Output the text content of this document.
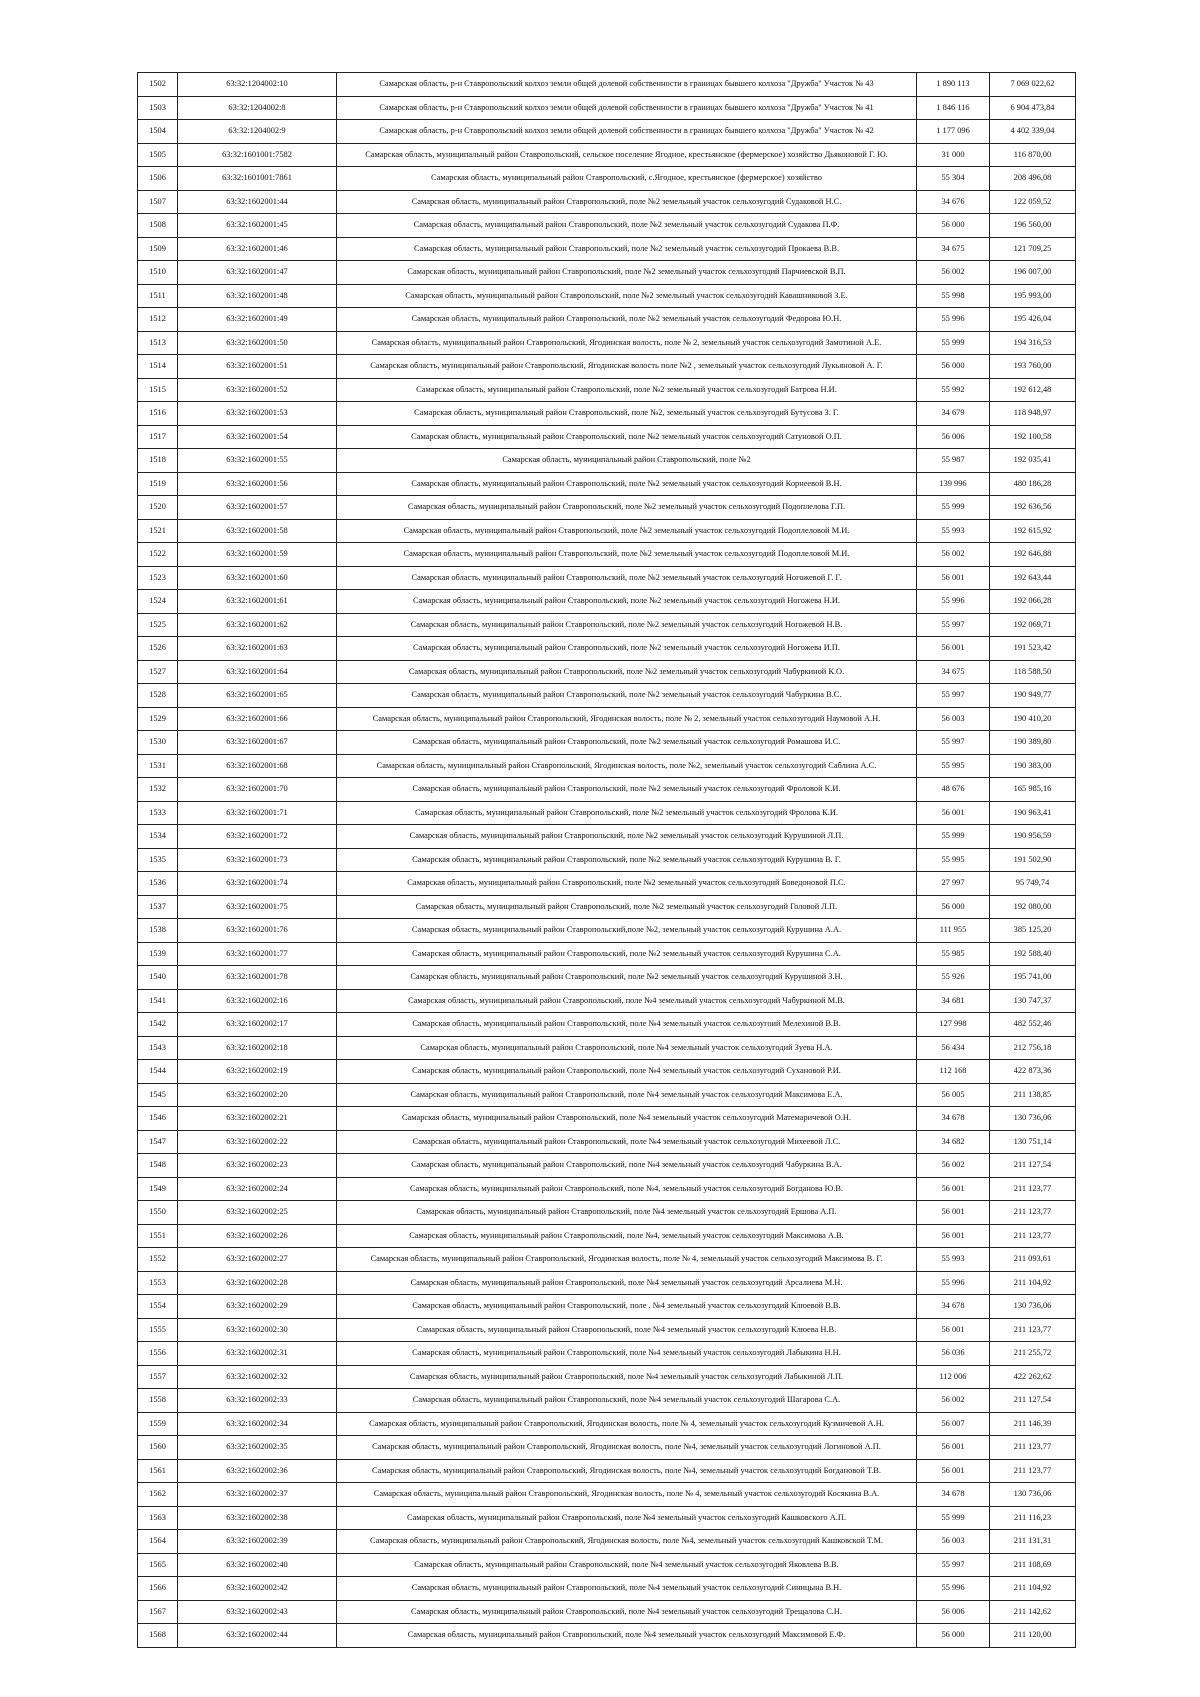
1502	63:32:1204002:10	Самарская область, р-н Ставропольский колхоз земли общей долевой собственности в границах бывшего колхоза "Дружба" Участок № 43	1 890 113	7 069 022,62
1503	63:32:1204002:8	Самарская область, р-н Ставропольский колхоз земли общей долевой собственности в границах бывшего колхоза "Дружба" Участок № 41	1 846 116	6 904 473,84
1504	63:32:1204002:9	Самарская область, р-н Ставропольский колхоз земли общей долевой собственности в границах бывшего колхоза "Дружба" Участок № 42	1 177 096	4 402 339,04
1505	63:32:1601001:7582	Самарская область, муниципальный район Ставропольский, сельское поселение Ягодное, крестьянское (фермерское) хозяйство Дьяконовой Г. Ю.	31 000	116 870,00
1506	63:32:1601001:7861	Самарская область, муниципальный район Ставропольский, с.Ягодное, крестьянское (фермерское) хозяйство	55 304	208 496,08
1507	63:32:1602001:44	Самарская область, муниципальный район Ставропольский, поле №2 земельный участок сельхозугодий Судаковой Н.С.	34 676	122 059,52
1508	63:32:1602001:45	Самарская область, муниципальный район Ставропольский, поле №2 земельный участок сельхозугодий Судакова П.Ф.	56 000	196 560,00
1509	63:32:1602001:46	Самарская область, муниципальный район Ставропольский, поле №2 земельный участок сельхозугодий Прокаева В.В.	34 675	121 709,25
1510	63:32:1602001:47	Самарская область, муниципальный район Ставропольский, поле №2 земельный участок сельхозугодий Парчиевской В.П.	56 002	196 007,00
1511	63:32:1602001:48	Самарская область, муниципальный район Ставропольский, поле №2 земельный участок сельхозугодий Кавашниковой З.Е.	55 998	195 993,00
1512	63:32:1602001:49	Самарская область, муниципальный район Ставропольский, поле №2 земельный участок сельхозугодий Федорова Ю.Н.	55 996	195 426,04
1513	63:32:1602001:50	Самарская область, муниципальный район Ставропольский, Ягодинская волость, поле № 2, земельный участок сельхозугодий Замотиной А.Е.	55 999	194 316,53
1514	63:32:1602001:51	Самарская область, муниципальный район Ставропольский, Ягодинская волость поле №2 , земельный участок сельхозугодий Лукьяновой А. Г.	56 000	193 760,00
1515	63:32:1602001:52	Самарская область, муниципальный район Ставропольский, поле №2 земельный участок сельхозугодий Батрова Н.И.	55 992	192 612,48
1516	63:32:1602001:53	Самарская область, муниципальный район Ставропольский, поле №2, земельный участок сельхозугодий Бутусова З. Г.	34 679	118 948,97
1517	63:32:1602001:54	Самарская область, муниципальный район Ставропольский, поле №2 земельный участок сельхозугодий Сатуновой О.П.	56 006	192 100,58
1518	63:32:1602001:55	Самарская область, муниципальный район Ставропольский, поле №2	55 987	192 035,41
1519	63:32:1602001:56	Самарская область, муниципальный район Ставропольский, поле №2 земельный участок сельхозугодий Корнеевой В.Н.	139 996	480 186,28
1520	63:32:1602001:57	Самарская область, муниципальный район Ставропольский, поле №2 земельный участок сельхозугодий Подоплелова Г.П.	55 999	192 636,56
1521	63:32:1602001:58	Самарская область, муниципальный район Ставропольский, поле №2 земельный участок сельхозугодий Подоплеловой М.И.	55 993	192 615,92
1522	63:32:1602001:59	Самарская область, муниципальный район Ставропольский, поле №2 земельный участок сельхозугодий Подоплеловой М.И.	56 002	192 646,88
1523	63:32:1602001:60	Самарская область, муниципальный район Ставропольский, поле №2 земельный участок сельхозугодий Ногожевой Г. Г.	56 001	192 643,44
1524	63:32:1602001:61	Самарская область, муниципальный район Ставропольский, поле №2 земельный участок сельхозугодий Ногожева Н.И.	55 996	192 066,28
1525	63:32:1602001:62	Самарская область, муниципальный район Ставропольский, поле №2 земельный участок сельхозугодий Ногожевой Н.В.	55 997	192 069,71
1526	63:32:1602001:63	Самарская область, муниципальный район Ставропольский, поле №2 земельный участок сельхозугодий Ногожева И.П.	56 001	191 523,42
1527	63:32:1602001:64	Самарская область, муниципальный район Ставропольский, поле №2 земельный участок сельхозугодий Чабуркиной К.О.	34 675	118 588,50
1528	63:32:1602001:65	Самарская область, муниципальный район Ставропольский, поле №2 земельный участок сельхозугодий Чабуркина В.С.	55 997	190 949,77
1529	63:32:1602001:66	Самарская область, муниципальный район Ставропольский, Ягодинская волость, поле № 2, земельный участок сельхозугодий Наумовой А.Н.	56 003	190 410,20
1530	63:32:1602001:67	Самарская область, муниципальный район Ставропольский, поле №2 земельный участок сельхозугодий Ромашова И.С.	55 997	190 389,80
1531	63:32:1602001:68	Самарская область, муниципальный район Ставропольский, Ягодинская волость, поле №2, земельный участок сельхозугодий Саблина А.С.	55 995	190 383,00
1532	63:32:1602001:70	Самарская область, муниципальный район Ставропольский, поле №2 земельный участок сельхозугодий Фроловой К.И.	48 676	165 985,16
1533	63:32:1602001:71	Самарская область, муниципальный район Ставропольский, поле №2 земельный участок сельхозугодий Фролова К.И.	56 001	190 963,41
1534	63:32:1602001:72	Самарская область, муниципальный район Ставропольский, поле №2 земельный участок сельхозугодий Курушиной Л.П.	55 999	190 956,59
1535	63:32:1602001:73	Самарская область, муниципальный район Ставропольский, поле №2 земельный участок сельхозугодий Курушина В. Г.	55 995	191 502,90
1536	63:32:1602001:74	Самарская область, муниципальный район Ставропольский, поле №2 земельный участок сельхозугодий Боведоновой П.С.	27 997	95 749,74
1537	63:32:1602001:75	Самарская область, муниципальный район Ставропольский, поле №2 земельный участок сельхозугодий Головой Л.П.	56 000	192 080,00
1538	63:32:1602001:76	Самарская область, муниципальный район Ставропольский,поле №2, земельный участок сельхозугодий Курушина А.А.	111 955	385 125,20
1539	63:32:1602001:77	Самарская область, муниципальный район Ставропольский, поле №2 земельный участок сельхозугодий Курушина С.А.	55 985	192 588,40
1540	63:32:1602001:78	Самарская область, муниципальный район Ставропольский, поле №2 земельный участок сельхозугодий Курушиной З.Н.	55 926	195 741,00
1541	63:32:1602002:16	Самарская область, муниципальный район Ставропольский, поле №4 земельный участок сельхозугодий Чабуркиной М.В.	34 681	130 747,37
1542	63:32:1602002:17	Самарская область, муниципальный район Ставропольский, поле №4 земельный участок сельхозугоий Мелехиной В.В.	127 998	482 552,46
1543	63:32:1602002:18	Самарская область, муниципальный район Ставропольский, поле №4 земельный участок сельхозугодий Зуева Н.А.	56 434	212 756,18
1544	63:32:1602002:19	Самарская область, муниципальный район Ставропольский, поле №4 земельный участок сельхозугодий Сухановой Р.И.	112 168	422 873,36
1545	63:32:1602002:20	Самарская область, муниципальный район Ставропольский, поле №4 земельный участок сельхозугодий Максимова Е.А.	56 005	211 138,85
1546	63:32:1602002:21	Самарская область, муниципальный район Ставропольский, поле №4 земельный участок сельхозугодий Матемаричевой О.Н.	34 678	130 736,06
1547	63:32:1602002:22	Самарская область, муниципальный район Ставропольский, поле №4 земельный участок сельхозугодий Михеевой Л.С.	34 682	130 751,14
1548	63:32:1602002:23	Самарская область, муниципальный район Ставропольский, поле №4 земельный участок сельхозугодий Чабуркина В.А.	56 002	211 127,54
1549	63:32:1602002:24	Самарская область, муниципальный район Ставропольский, поле №4, земельный участок сельхозугодий Богданова Ю.В.	56 001	211 123,77
1550	63:32:1602002:25	Самарская область, муниципальный район Ставропольский, поле №4 земельный участок сельхозугодий Ершова А.П.	56 001	211 123,77
1551	63:32:1602002:26	Самарская область, муниципальный район Ставропольский, поле №4, земельный участок сельхозугодий Максимова А.В.	56 001	211 123,77
1552	63:32:1602002:27	Самарская область, муниципальный район Ставропольский, Ягодинская волость, поле № 4, земельный участок сельхозугодий Максимова В. Г.	55 993	211 093,61
1553	63:32:1602002:28	Самарская область, муниципальный район Ставропольский, поле №4 земельный участок сельхозугодий Арсалиева М.Н.	55 996	211 104,92
1554	63:32:1602002:29	Самарская область, муниципальный район Ставропольский, поле . №4 земельный участок сельхозугодий Клюевой В.В.	34 678	130 736,06
1555	63:32:1602002:30	Самарская область, муниципальный район Ставропольский, поле №4 земельный участок сельхозугодий Клюева Н.В.	56 001	211 123,77
1556	63:32:1602002:31	Самарская область, муниципальный район Ставропольский, поле №4 земельный участок сельхозугодий Лабыкина Н.Н.	56 036	211 255,72
1557	63:32:1602002:32	Самарская область, муниципальный район Ставропольский, поле №4 земельный участок сельхозугодий Лабыкиной Л.П.	112 006	422 262,62
1558	63:32:1602002:33	Самарская область, муниципальный район Ставропольский, поле №4 земельный участок сельхозугодий Шагарова С.А.	56 002	211 127,54
1559	63:32:1602002:34	Самарская область, муниципальный район Ставропольский, Ягодинская волость, поле № 4, земельный участок сельхозугодий Кузмичевой А.Н.	56 007	211 146,39
1560	63:32:1602002:35	Самарская область, муниципальный район Ставропольский, Ягодинская волость, поле №4, земельный участок сельхозугодий Логиновой А.П.	56 001	211 123,77
1561	63:32:1602002:36	Самарская область, муниципальный район Ставропольский, Ягодинская волость, поле №4, земельный участок сельхозугодий Богдановой Т.В.	56 001	211 123,77
1562	63:32:1602002:37	Самарская область, муниципальный район Ставропольский, Ягодинская волость, поле № 4, земельный участок сельхозугодий Косякина В.А.	34 678	130 736,06
1563	63:32:1602002:38	Самарская область, муниципальный район Ставропольский, поле №4 земельный участок сельхозугодий Кашковского А.П.	55 999	211 116,23
1564	63:32:1602002:39	Самарская область, муниципальный район Ставропольский, Ягодинская волость, поле №4, земельный участок сельхозугодий Кашковской Т.М.	56 003	211 131,31
1565	63:32:1602002:40	Самарская область, муниципальный район Ставропольский, поле №4 земельный участок сельхозугодий Яковлева В.В.	55 997	211 108,69
1566	63:32:1602002:42	Самарская область, муниципальный район Ставропольский, поле №4 земельный участок сельхозугодий Синицына В.Н.	55 996	211 104,92
1567	63:32:1602002:43	Самарская область, муниципальный район Ставропольский, поле №4 земельный участок сельхозугодий Трещалова С.Н.	56 006	211 142,62
1568	63:32:1602002:44	Самарская область, муниципальный район Ставропольский, поле №4 земельный участок сельхозугодий Максимовой Е.Ф.	56 000	211 120,00
